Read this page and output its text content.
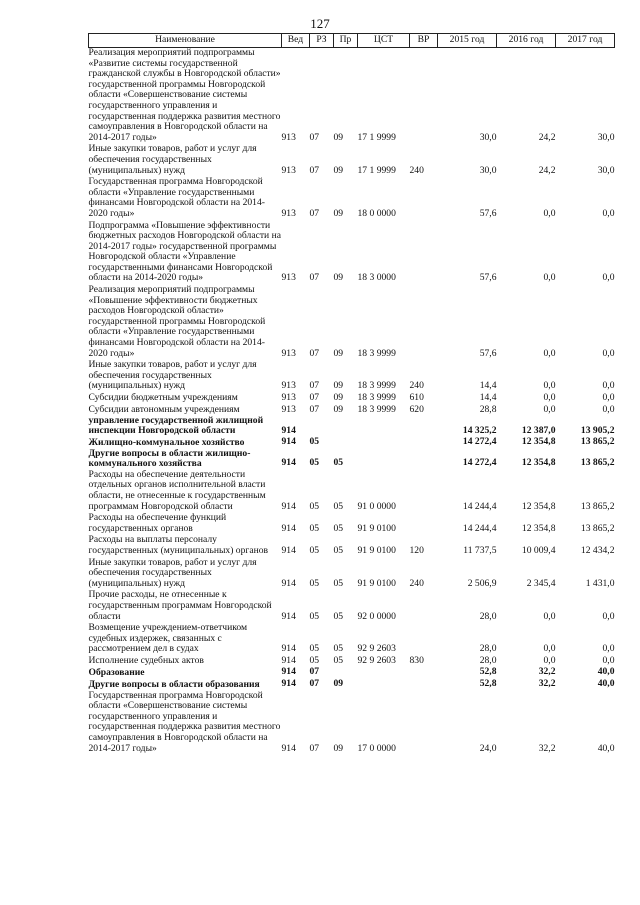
127
Наименование	Вед	РЗ	Пр	ЦСТ	ВР	2015 год	2016 год	2017 год
Реализация мероприятий подпрограммы «Развитие системы государственной гражданской службы в Новгородской области» государственной программы Новгородской области «Совершенствование системы государственного управления и государственная поддержка развития местного самоуправления в Новгородской области на 2014-2017 годы»	913	07	09	17 1 9999		30,0	24,2	30,0
Иные закупки товаров, работ и услуг для обеспечения государственных (муниципальных) нужд	913	07	09	17 1 9999	240	30,0	24,2	30,0
Государственная программа Новгородской области «Управление государственными финансами Новгородской области на 2014-2020 годы»	913	07	09	18 0 0000		57,6	0,0	0,0
Подпрограмма «Повышение эффективности бюджетных расходов Новгородской области на 2014-2017 годы» государственной программы Новгородской области «Управление государственными финансами Новгородской области на 2014-2020 годы»	913	07	09	18 3 0000		57,6	0,0	0,0
Реализация мероприятий подпрограммы «Повышение эффективности бюджетных расходов Новгородской области» государственной программы Новгородской области «Управление государственными финансами Новгородской области на 2014-2020 годы»	913	07	09	18 3 9999		57,6	0,0	0,0
Иные закупки товаров, работ и услуг для обеспечения государственных (муниципальных) нужд	913	07	09	18 3 9999	240	14,4	0,0	0,0
Субсидии бюджетным учреждениям	913	07	09	18 3 9999	610	14,4	0,0	0,0
Субсидии автономным учреждениям	913	07	09	18 3 9999	620	28,8	0,0	0,0
управление государственной жилищной инспекции Новгородской области	914					14 325,2	12 387,0	13 905,2
Жилищно-коммунальное хозяйство	914	05				14 272,4	12 354,8	13 865,2
Другие вопросы в области жилищно-коммунального хозяйства	914	05	05			14 272,4	12 354,8	13 865,2
Расходы на обеспечение деятельности отдельных органов исполнительной власти области, не отнесенные к государственным программам Новгородской области	914	05	05	91 0 0000		14 244,4	12 354,8	13 865,2
Расходы на обеспечение функций государственных органов	914	05	05	91 9 0100		14 244,4	12 354,8	13 865,2
Расходы на выплаты персоналу государственных (муниципальных) органов	914	05	05	91 9 0100	120	11 737,5	10 009,4	12 434,2
Иные закупки товаров, работ и услуг для обеспечения государственных (муниципальных) нужд	914	05	05	91 9 0100	240	2 506,9	2 345,4	1 431,0
Прочие расходы, не отнесенные к государственным программам Новгородской области	914	05	05	92 0 0000		28,0	0,0	0,0
Возмещение учреждением-ответчиком судебных издержек, связанных с рассмотрением дел в судах	914	05	05	92 9 2603		28,0	0,0	0,0
Исполнение судебных актов	914	05	05	92 9 2603	830	28,0	0,0	0,0
Образование	914	07				52,8	32,2	40,0
Другие вопросы в области образования	914	07	09			52,8	32,2	40,0
Государственная программа Новгородской области «Совершенствование системы государственного управления и государственная поддержка развития местного самоуправления в Новгородской области на 2014-2017 годы»	914	07	09	17 0 0000		24,0	32,2	40,0
